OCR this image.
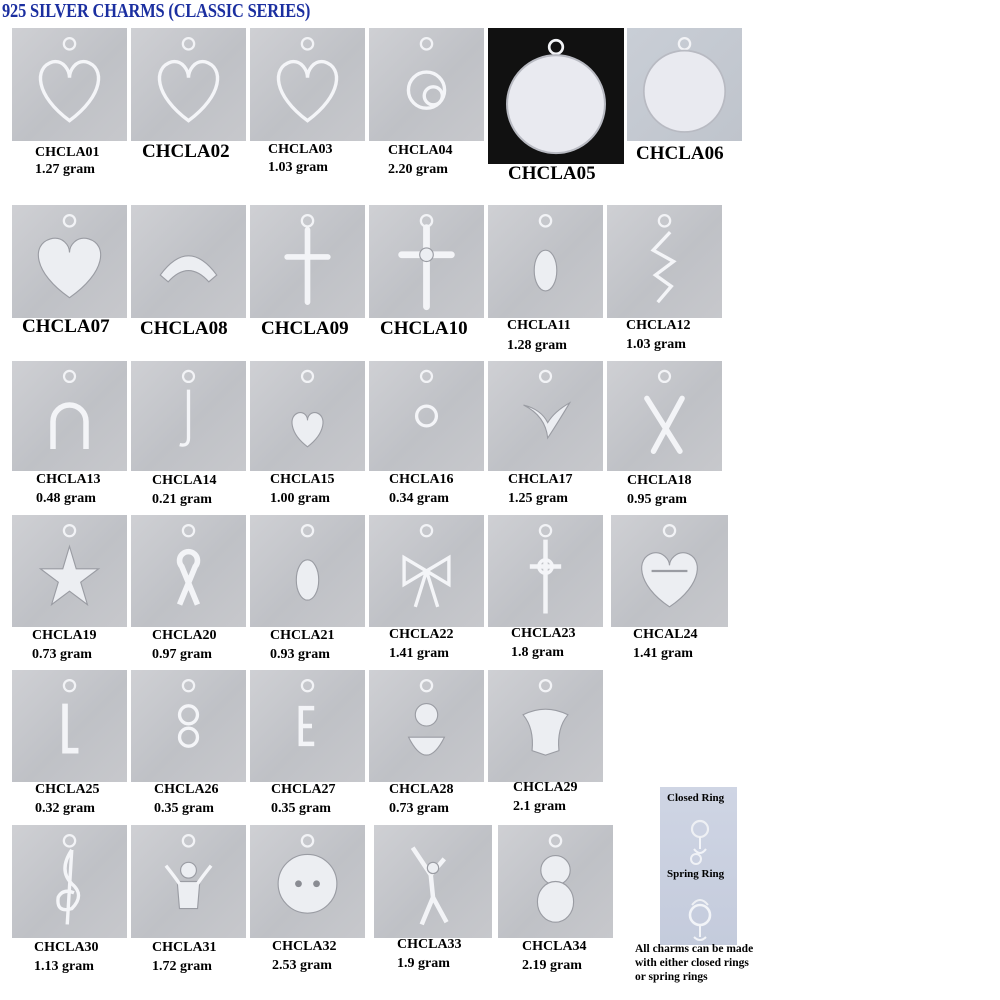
925 SILVER CHARMS (CLASSIC SERIES)
CHCLA01
1.27 gram
CHCLA02	CHCLA03
1.03 gram
CHCLA04
2.20 gram	CHCLA05
CHCLA06
CHCLA07 CHCLA08 CHCLA09 CHCLA10	CHCLA11
1.28 gram
CHCLA12
1.03 gram
CHCLA13
0.48 gram
CHCLA14
0.21 gram
CHCLA15
1.00 gram
CHCLA16
0.34 gram
CHCLA17
1.25 gram
CHCLA18
0.95 gram
CHCLA19
0.73 gram
CHCLA20
0.97 gram
CHCLA21
0.93 gram
CHCLA22
1.41 gram
CHCLA23
1.8 gram
CHCAL24
1.41 gram
CHCLA25
0.32 gram
CHCLA26
0.35 gram
CHCLA27
0.35 gram
CHCLA28
0.73 gram
CHCLA29
2.1 gram
CHCLA30
1.13 gram
CHCLA31
1.72 gram
CHCLA32
2.53 gram
CHCLA33
1.9 gram
CHCLA34
2.19 gram
Closed Ring
Spring Ring
All charms can be made
with either closed rings
or spring rings
